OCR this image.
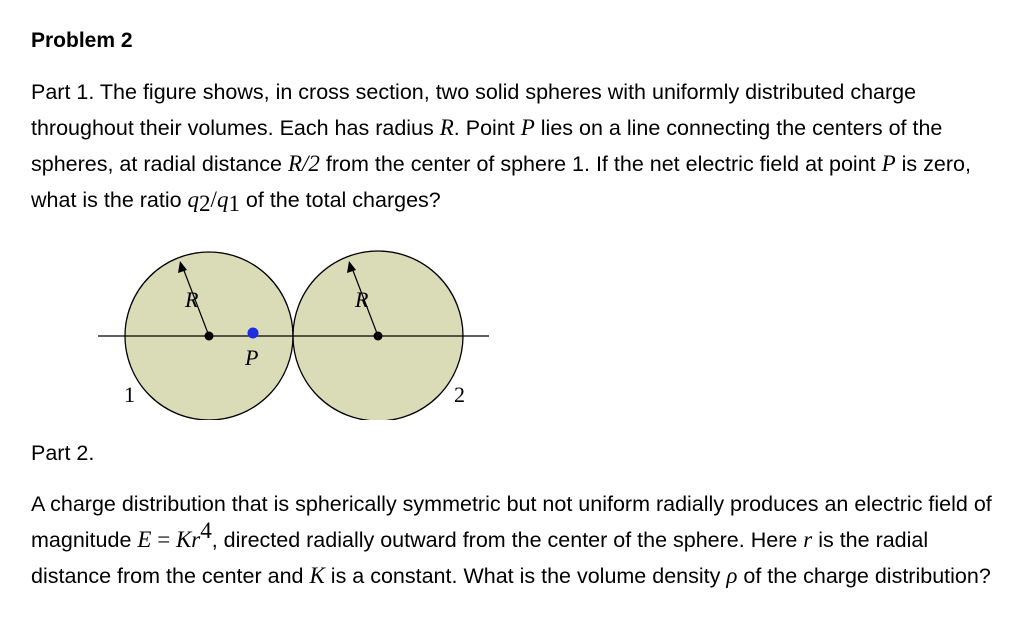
Problem 2
Part 1. The figure shows, in cross section, two solid spheres with uniformly distributed charge throughout their volumes. Each has radius R. Point P lies on a line connecting the centers of the spheres, at radial distance R/2 from the center of sphere 1. If the net electric field at point P is zero, what is the ratio $q_2/q_1$ of the total charges?
R	R
P
1	2
Part 2.
A charge distribution that is spherically symmetric but not uniform radially produces an electric field of magnitude $E = Kr^4$, directed radially outward from the center of the sphere. Here r is the radial distance from the center and K is a constant. What is the volume density ρ of the charge distribution?
